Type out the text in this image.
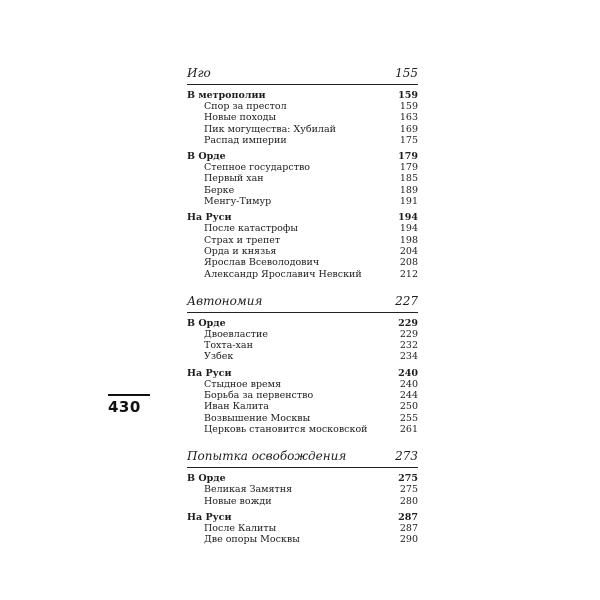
430
Иго	155
В метрополии	159
Спор за престол	159
Новые походы	163
Пик могущества: Хубилай	169
Распад империи	175
В Орде	179
Степное государство	179
Первый хан	185
Берке	189
Менгу-Тимур	191
На Руси	194
После катастрофы	194
Страх и трепет	198
Орда и князья	204
Ярослав Всеволодович	208
Александр Ярославич Невский	212
Автономия	227
В Орде	229
Двоевластие	229
Тохта-хан	232
Узбек	234
На Руси	240
Стыдное время	240
Борьба за первенство	244
Иван Калита	250
Возвышение Москвы	255
Церковь становится московской	261
Попытка освобождения	273
В Орде	275
Великая Замятня	275
Новые вожди	280
На Руси	287
После Калиты	287
Две опоры Москвы	290
